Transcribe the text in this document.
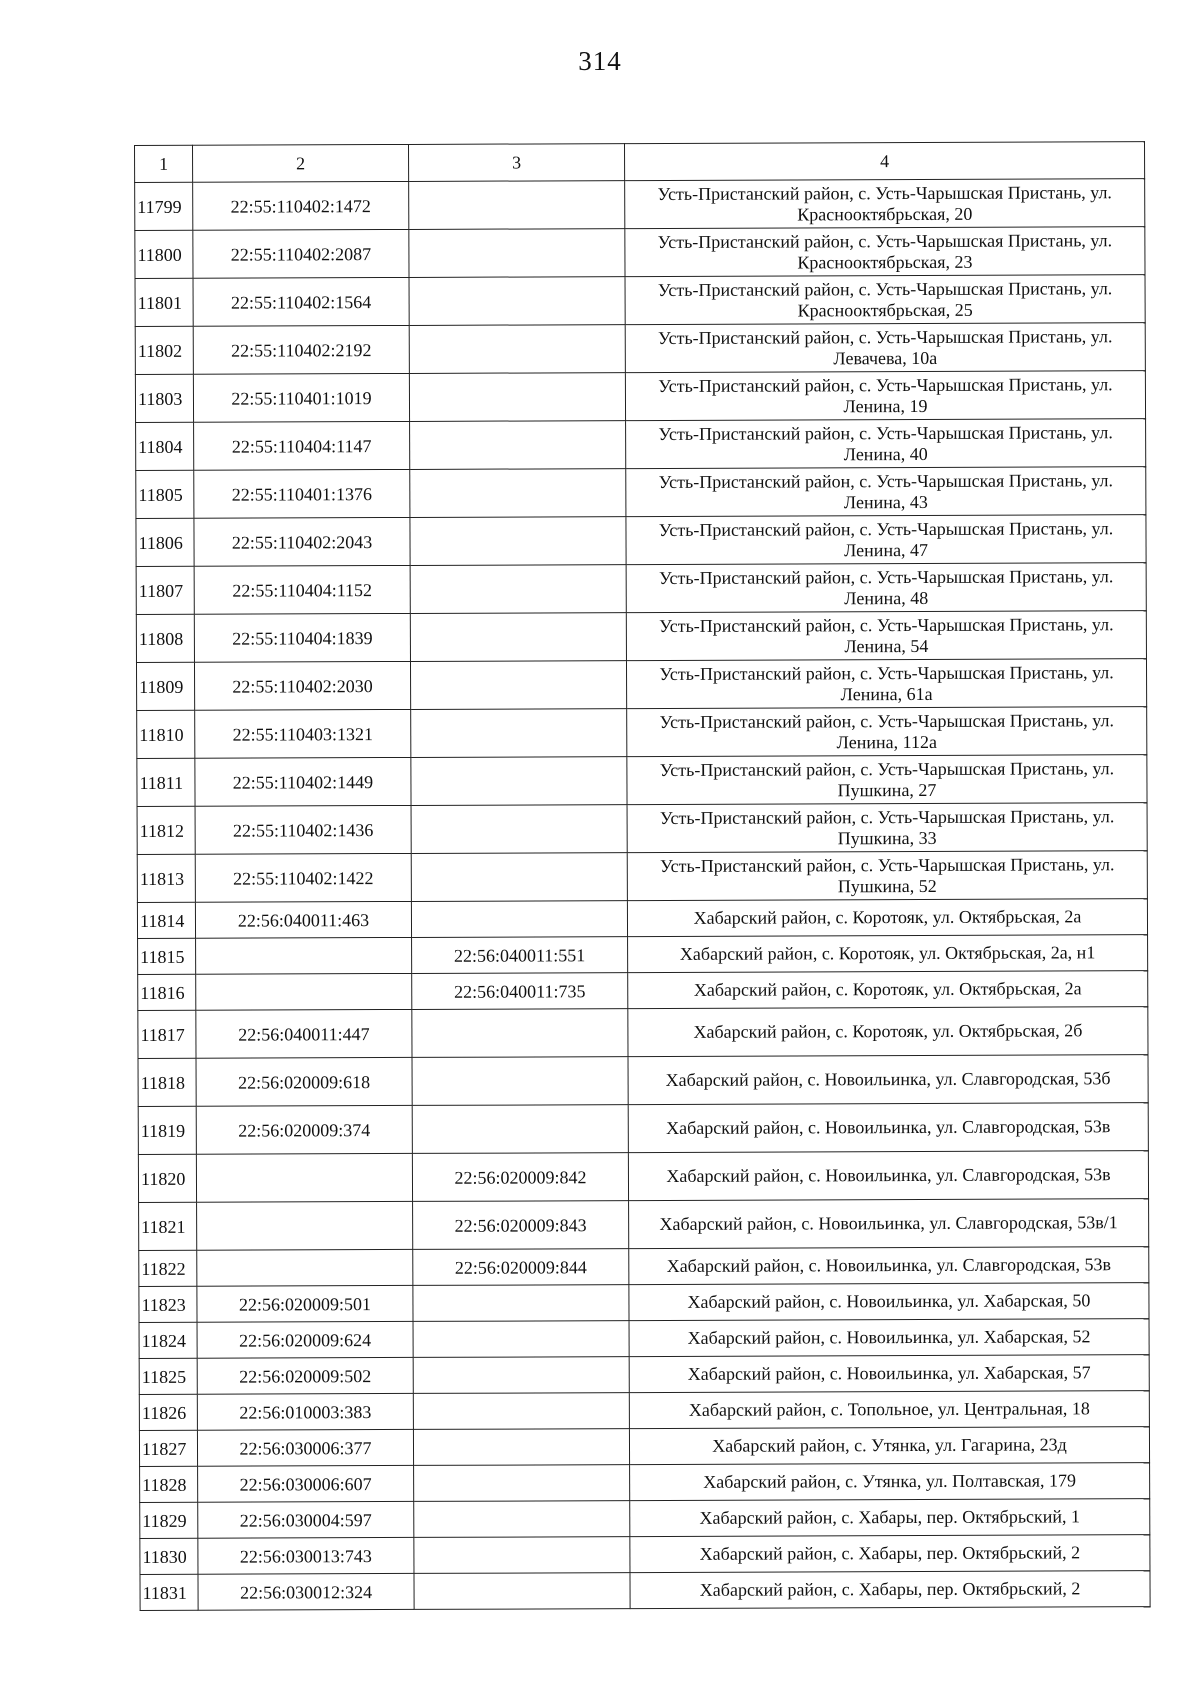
314
1	2	3	4
11799	22:55:110402:1472		Усть-Пристанский район, с. Усть-Чарышская Пристань, ул. Краснооктябрьская, 20
11800	22:55:110402:2087		Усть-Пристанский район, с. Усть-Чарышская Пристань, ул. Краснооктябрьская, 23
11801	22:55:110402:1564		Усть-Пристанский район, с. Усть-Чарышская Пристань, ул. Краснооктябрьская, 25
11802	22:55:110402:2192		Усть-Пристанский район, с. Усть-Чарышская Пристань, ул. Левачева, 10а
11803	22:55:110401:1019		Усть-Пристанский район, с. Усть-Чарышская Пристань, ул. Ленина, 19
11804	22:55:110404:1147		Усть-Пристанский район, с. Усть-Чарышская Пристань, ул. Ленина, 40
11805	22:55:110401:1376		Усть-Пристанский район, с. Усть-Чарышская Пристань, ул. Ленина, 43
11806	22:55:110402:2043		Усть-Пристанский район, с. Усть-Чарышская Пристань, ул. Ленина, 47
11807	22:55:110404:1152		Усть-Пристанский район, с. Усть-Чарышская Пристань, ул. Ленина, 48
11808	22:55:110404:1839		Усть-Пристанский район, с. Усть-Чарышская Пристань, ул. Ленина, 54
11809	22:55:110402:2030		Усть-Пристанский район, с. Усть-Чарышская Пристань, ул. Ленина, 61а
11810	22:55:110403:1321		Усть-Пристанский район, с. Усть-Чарышская Пристань, ул. Ленина, 112а
11811	22:55:110402:1449		Усть-Пристанский район, с. Усть-Чарышская Пристань, ул. Пушкина, 27
11812	22:55:110402:1436		Усть-Пристанский район, с. Усть-Чарышская Пристань, ул. Пушкина, 33
11813	22:55:110402:1422		Усть-Пристанский район, с. Усть-Чарышская Пристань, ул. Пушкина, 52
11814	22:56:040011:463		Хабарский район, с. Коротояк, ул. Октябрьская, 2а
11815		22:56:040011:551	Хабарский район, с. Коротояк, ул. Октябрьская, 2а, н1
11816		22:56:040011:735	Хабарский район, с. Коротояк, ул. Октябрьская, 2а
11817	22:56:040011:447		Хабарский район, с. Коротояк, ул. Октябрьская, 2б
11818	22:56:020009:618		Хабарский район, с. Новоильинка, ул. Славгородская, 53б
11819	22:56:020009:374		Хабарский район, с. Новоильинка, ул. Славгородская, 53в
11820		22:56:020009:842	Хабарский район, с. Новоильинка, ул. Славгородская, 53в
11821		22:56:020009:843	Хабарский район, с. Новоильинка, ул. Славгородская, 53в/1
11822		22:56:020009:844	Хабарский район, с. Новоильинка, ул. Славгородская, 53в
11823	22:56:020009:501		Хабарский район, с. Новоильинка, ул. Хабарская, 50
11824	22:56:020009:624		Хабарский район, с. Новоильинка, ул. Хабарская, 52
11825	22:56:020009:502		Хабарский район, с. Новоильинка, ул. Хабарская, 57
11826	22:56:010003:383		Хабарский район, с. Топольное, ул. Центральная, 18
11827	22:56:030006:377		Хабарский район, с. Утянка, ул. Гагарина, 23д
11828	22:56:030006:607		Хабарский район, с. Утянка, ул. Полтавская, 179
11829	22:56:030004:597		Хабарский район, с. Хабары, пер. Октябрьский, 1
11830	22:56:030013:743		Хабарский район, с. Хабары, пер. Октябрьский, 2
11831	22:56:030012:324		Хабарский район, с. Хабары, пер. Октябрьский, 2
